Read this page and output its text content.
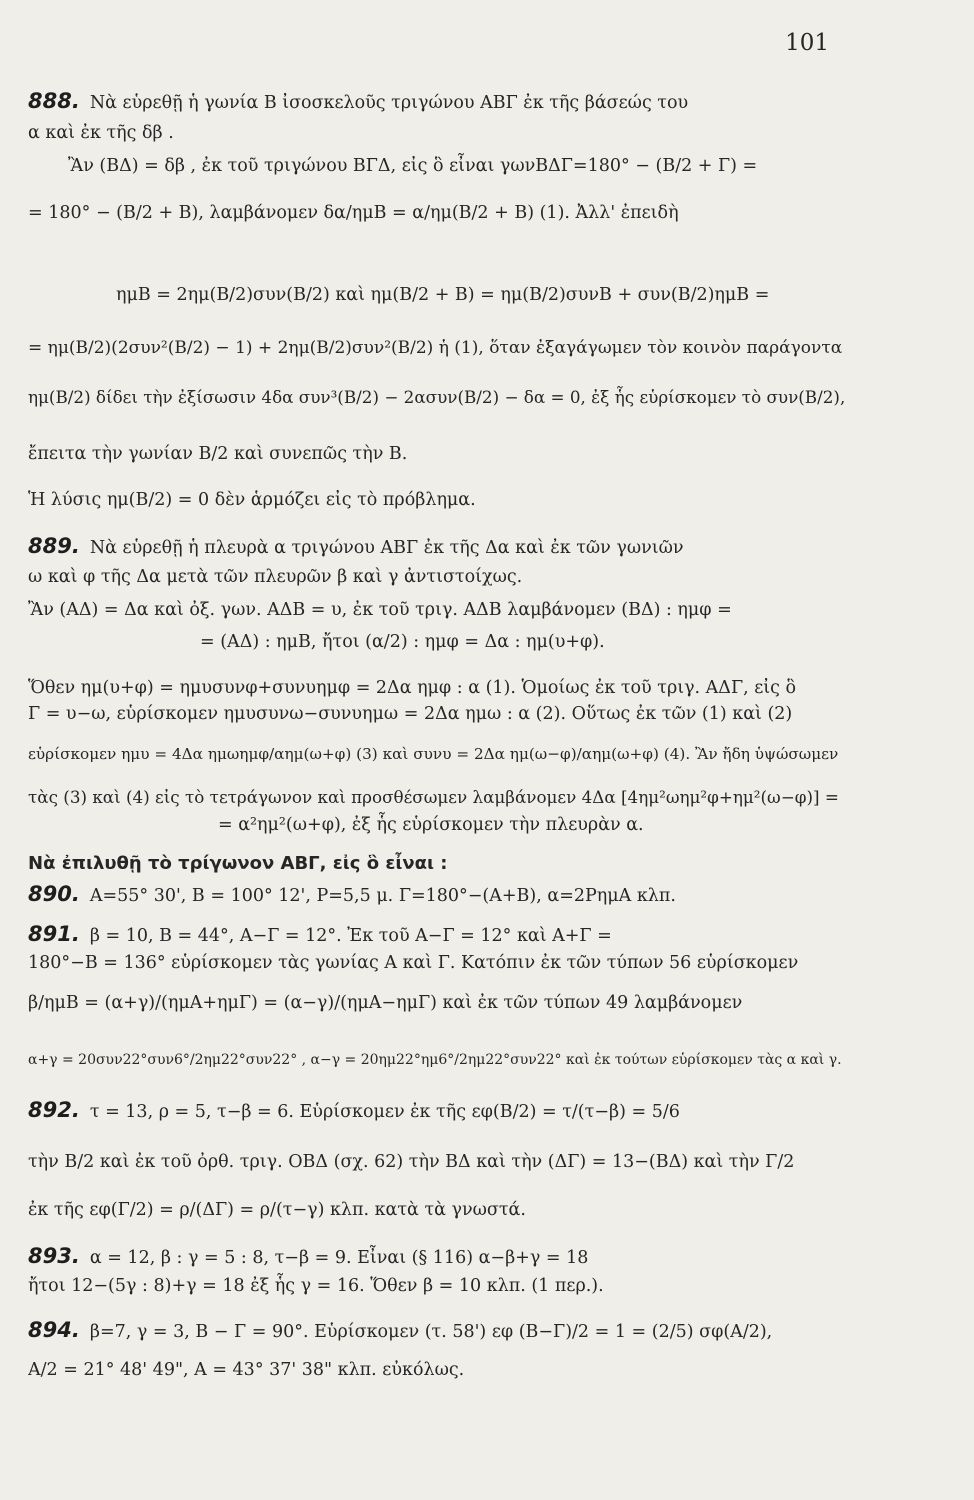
101
888. Νὰ εὑρεθῇ ἡ γωνία Β ἰσοσκελοῦς τριγώνου ΑΒΓ ἐκ τῆς βάσεώς του
α καὶ ἐκ τῆς δβ .
Ἂν (ΒΔ) = δβ , ἐκ τοῦ τριγώνου ΒΓΔ, εἰς ὃ εἶναι γωνΒΔΓ=180° − (Β/2 + Γ) =
= 180° − (Β/2 + Β), λαμβάνομεν δα/ημΒ = α/ημ(Β/2 + Β) (1). Ἀλλ' ἐπειδὴ
ημΒ = 2ημ(Β/2)συν(Β/2) καὶ ημ(Β/2 + Β) = ημ(Β/2)συνΒ + συν(Β/2)ημΒ =
= ημ(Β/2)(2συν²(Β/2) − 1) + 2ημ(Β/2)συν²(Β/2) ἡ (1), ὅταν ἐξαγάγωμεν τὸν κοινὸν παράγοντα
ημ(Β/2) δίδει τὴν ἐξίσωσιν 4δα συν³(Β/2) − 2ασυν(Β/2) − δα = 0, ἐξ ἧς εὑρίσκομεν τὸ συν(Β/2),
ἔπειτα τὴν γωνίαν Β/2 καὶ συνεπῶς τὴν Β.
Ἡ λύσις ημ(Β/2) = 0 δὲν ἁρμόζει εἰς τὸ πρόβλημα.
889. Νὰ εὑρεθῇ ἡ πλευρὰ α τριγώνου ΑΒΓ ἐκ τῆς Δα καὶ ἐκ τῶν γωνιῶν
ω καὶ φ τῆς Δα μετὰ τῶν πλευρῶν β καὶ γ ἀντιστοίχως.
Ἂν (ΑΔ) = Δα καὶ ὀξ. γων. ΑΔΒ = υ, ἐκ τοῦ τριγ. ΑΔΒ λαμβάνομεν (ΒΔ) : ημφ =
= (ΑΔ) : ημΒ, ἤτοι (α/2) : ημφ = Δα : ημ(υ+φ).
Ὅθεν ημ(υ+φ) = ημυσυνφ+συνυημφ = 2Δα ημφ : α (1). Ὁμοίως ἐκ τοῦ τριγ. ΑΔΓ, εἰς ὃ
Γ = υ−ω, εὑρίσκομεν ημυσυνω−συνυημω = 2Δα ημω : α (2). Οὕτως ἐκ τῶν (1) καὶ (2)
εὑρίσκομεν ημυ = 4Δα ημωημφ/αημ(ω+φ) (3) καὶ συνυ = 2Δα ημ(ω−φ)/αημ(ω+φ) (4). Ἂν ἤδη ὑψώσωμεν
τὰς (3) καὶ (4) εἰς τὸ τετράγωνον καὶ προσθέσωμεν λαμβάνομεν 4Δα [4ημ²ωημ²φ+ημ²(ω−φ)] =
= α²ημ²(ω+φ), ἐξ ἧς εὑρίσκομεν τὴν πλευρὰν α.
Νὰ ἐπιλυθῇ τὸ τρίγωνον ΑΒΓ, εἰς ὃ εἶναι :
890. Α=55° 30', Β = 100° 12', Ρ=5,5 μ. Γ=180°−(Α+Β), α=2ΡημΑ κλπ.
891. β = 10, Β = 44°, Α−Γ = 12°. Ἐκ τοῦ Α−Γ = 12° καὶ Α+Γ =
180°−Β = 136° εὑρίσκομεν τὰς γωνίας Α καὶ Γ. Κατόπιν ἐκ τῶν τύπων 56 εὑρίσκομεν
β/ημΒ = (α+γ)/(ημΑ+ημΓ) = (α−γ)/(ημΑ−ημΓ) καὶ ἐκ τῶν τύπων 49 λαμβάνομεν
α+γ = 20συν22°συν6°/2ημ22°συν22° , α−γ = 20ημ22°ημ6°/2ημ22°συν22° καὶ ἐκ τούτων εὑρίσκομεν τὰς α καὶ γ.
892. τ = 13, ρ = 5, τ−β = 6. Εὑρίσκομεν ἐκ τῆς εφ(Β/2) = τ/(τ−β) = 5/6
τὴν Β/2 καὶ ἐκ τοῦ ὀρθ. τριγ. ΟΒΔ (σχ. 62) τὴν ΒΔ καὶ τὴν (ΔΓ) = 13−(ΒΔ) καὶ τὴν Γ/2
ἐκ τῆς εφ(Γ/2) = ρ/(ΔΓ) = ρ/(τ−γ) κλπ. κατὰ τὰ γνωστά.
893. α = 12, β : γ = 5 : 8, τ−β = 9. Εἶναι (§ 116) α−β+γ = 18
ἤτοι 12−(5γ : 8)+γ = 18 ἐξ ἧς γ = 16. Ὅθεν β = 10 κλπ. (1 περ.).
894. β=7, γ = 3, Β − Γ = 90°. Εὑρίσκομεν (τ. 58') εφ (Β−Γ)/2 = 1 = (2/5) σφ(Α/2),
Α/2 = 21° 48' 49", Α = 43° 37' 38" κλπ. εὐκόλως.
